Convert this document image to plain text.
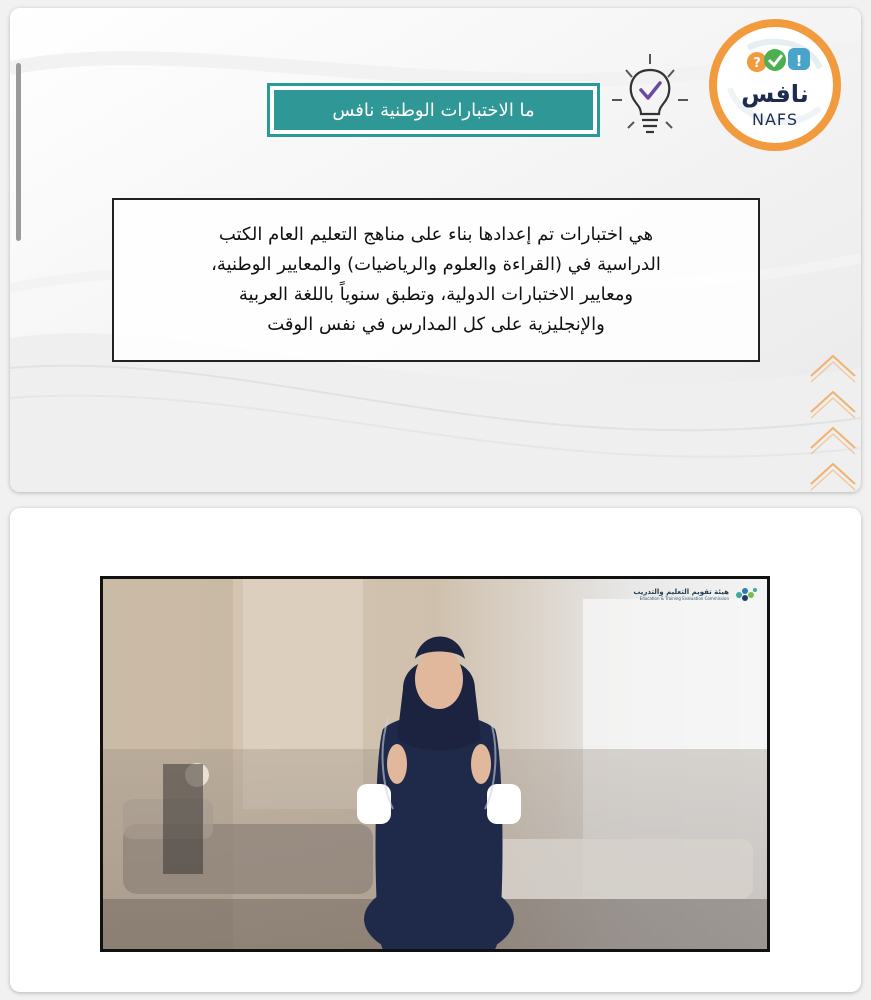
ما الاختبارات الوطنية نافس
? !
نافس
NAFS
هي اختبارات تم إعدادها بناء على مناهج التعليم العام الكتب
الدراسية في (القراءة والعلوم والرياضيات) والمعايير الوطنية،
ومعايير الاختبارات الدولية، وتطبق سنوياً باللغة العربية
والإنجليزية على كل المدارس في نفس الوقت
هيئة تقويم التعليم والتدريب
Education & Training Evaluation Commission
